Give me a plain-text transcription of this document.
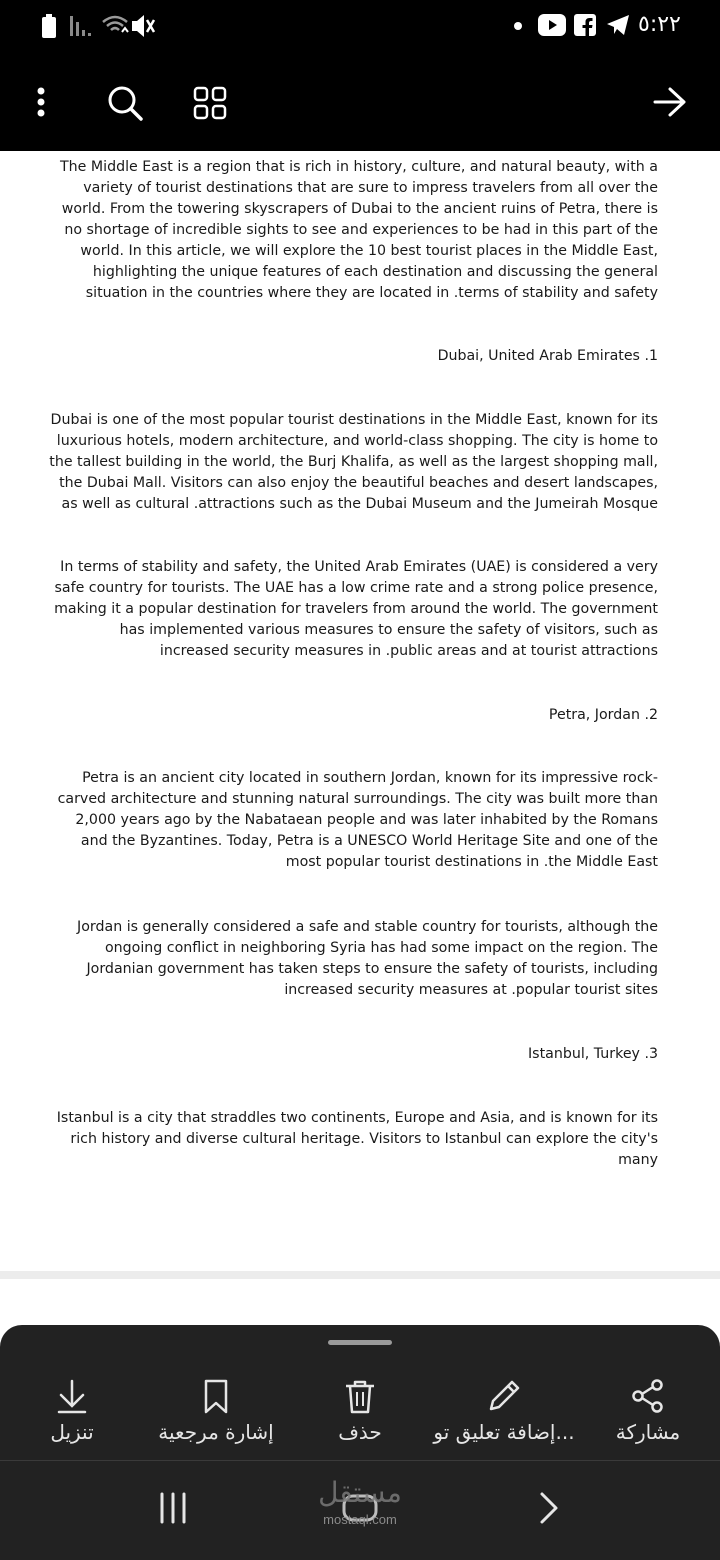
٥:٢٢
The Middle East is a region that is rich in history, culture, and natural beauty, with a variety of tourist destinations that are sure to impress travelers from all over the world. From the towering skyscrapers of Dubai to the ancient ruins of Petra, there is no shortage of incredible sights to see and experiences to be had in this part of the world. In this article, we will explore the 10 best tourist places in the Middle East, highlighting the unique features of each destination and discussing the general situation in the countries where they are located in .terms of stability and safety
Dubai, United Arab Emirates .1
Dubai is one of the most popular tourist destinations in the Middle East, known for its luxurious hotels, modern architecture, and world-class shopping. The city is home to the tallest building in the world, the Burj Khalifa, as well as the largest shopping mall, the Dubai Mall. Visitors can also enjoy the beautiful beaches and desert landscapes, as well as cultural .attractions such as the Dubai Museum and the Jumeirah Mosque
In terms of stability and safety, the United Arab Emirates (UAE) is considered a very safe country for tourists. The UAE has a low crime rate and a strong police presence, making it a popular destination for travelers from around the world. The government has implemented various measures to ensure the safety of visitors, such as increased security measures in .public areas and at tourist attractions
Petra, Jordan .2
Petra is an ancient city located in southern Jordan, known for its impressive rock-carved architecture and stunning natural surroundings. The city was built more than 2,000 years ago by the Nabataean people and was later inhabited by the Romans and the Byzantines. Today, Petra is a UNESCO World Heritage Site and one of the most popular tourist destinations in .the Middle East
Jordan is generally considered a safe and stable country for tourists, although the ongoing conflict in neighboring Syria has had some impact on the region. The Jordanian government has taken steps to ensure the safety of tourists, including increased security measures at .popular tourist sites
Istanbul, Turkey .3
Istanbul is a city that straddles two continents, Europe and Asia, and is known for its rich history and diverse cultural heritage. Visitors to Istanbul can explore the city's many
تنزيل	إشارة مرجعية	حذف	إضافة تعليق تو...	مشاركة
مستقل
mostaql.com
